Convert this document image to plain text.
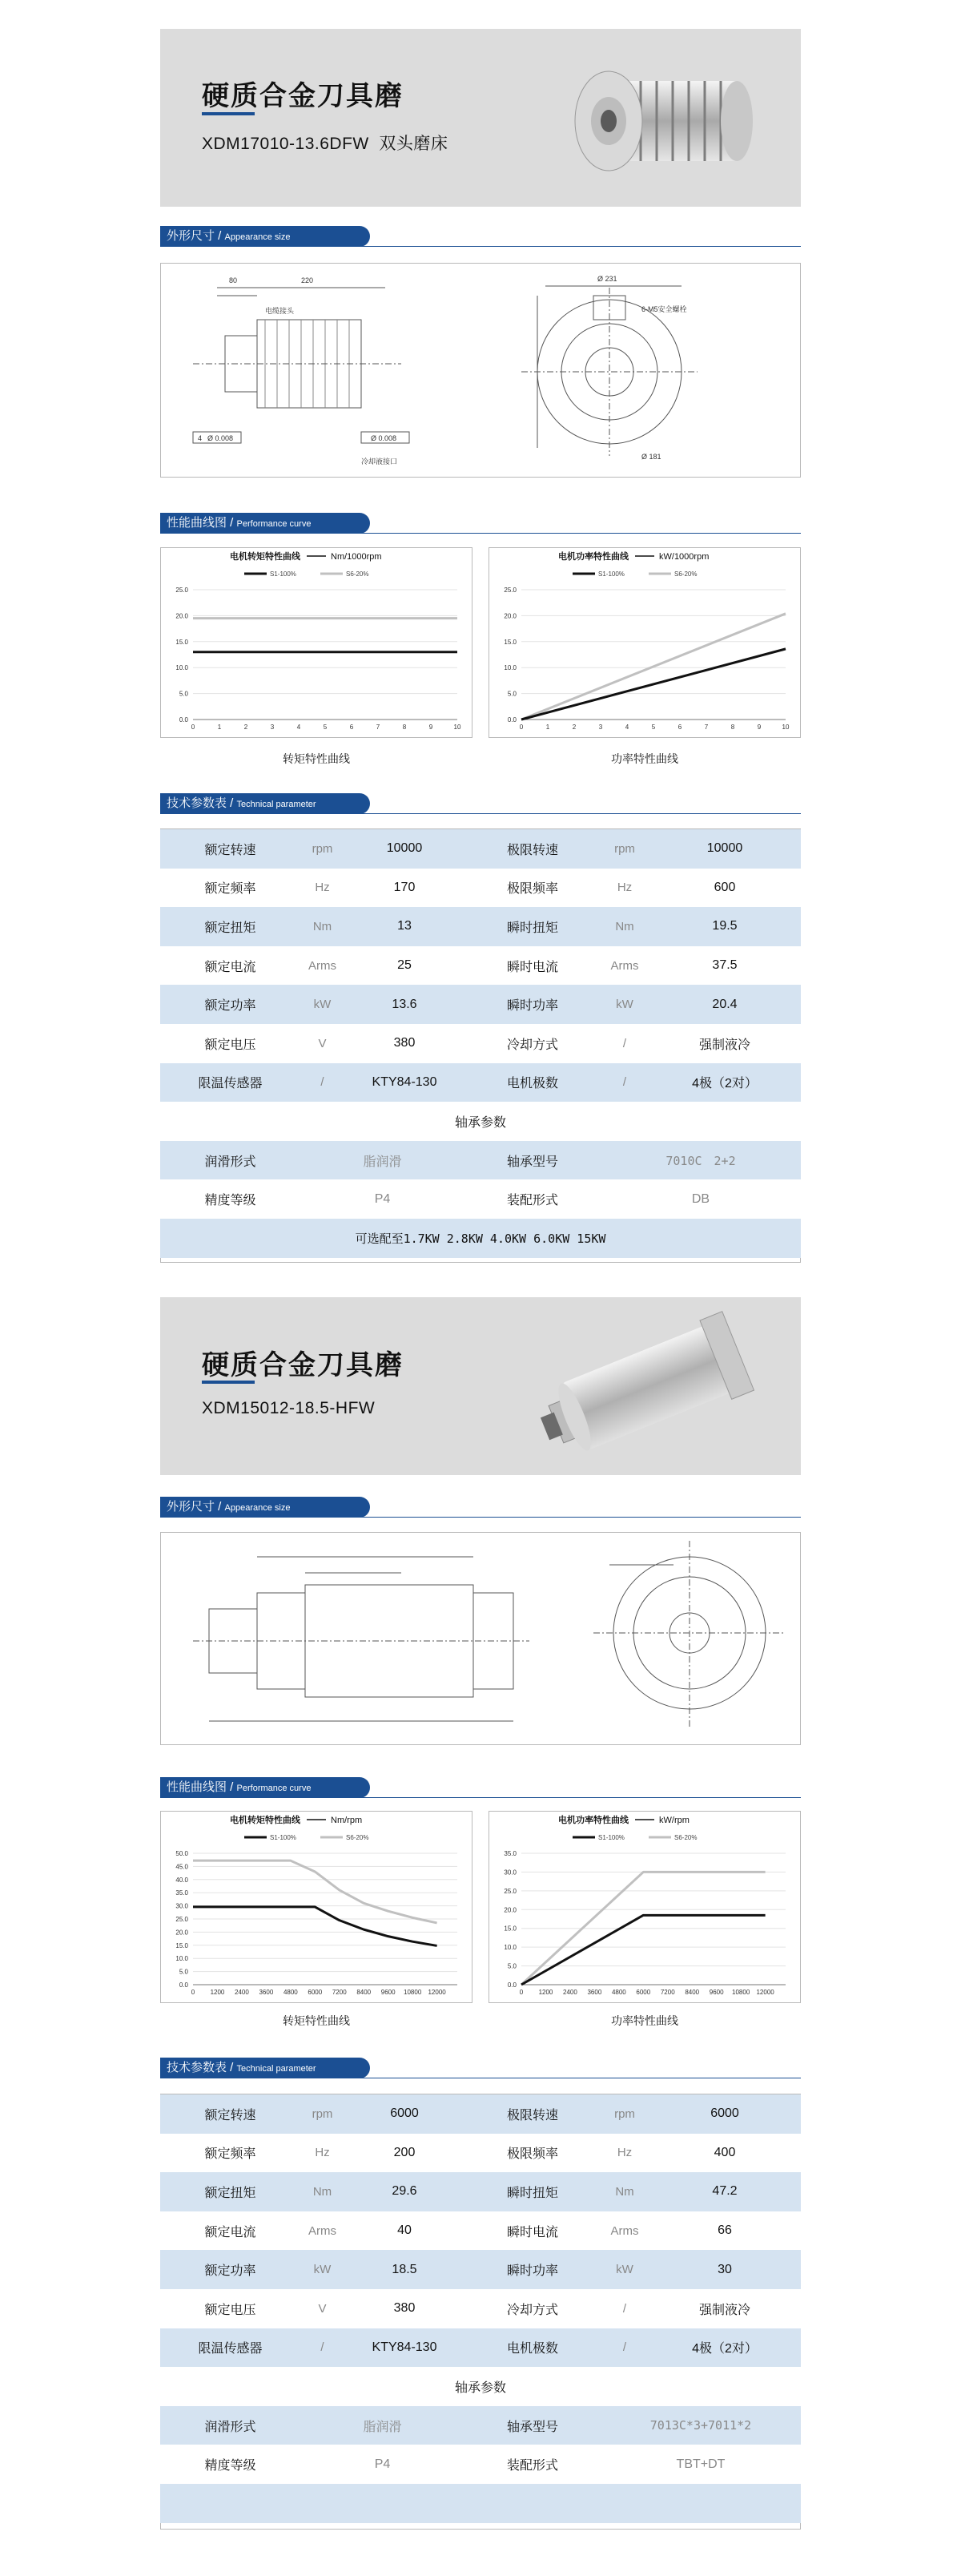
硬质合金刀具磨
XDM17010-13.6DFW 双头磨床
外形尺寸 / Appearance size
80	220
电缆接头
冷却液接口
6-M5安全螺栓
Ø 231
Ø 181
4 Ø 0.008	Ø 0.008
性能曲线图 / Performance curve
电机转矩特性曲线	Nm/1000rpm
S1-100%	S6-20%
0.0
5.0
10.0
15.0
20.0
25.0
0	1	2	3	4	5	6	7	8	9	10
电机功率特性曲线	kW/1000rpm
S1-100%	S6-20%
0.0
5.0
10.0
15.0
20.0
25.0
0	1	2	3	4	5	6	7	8	9	10
转矩特性曲线	功率特性曲线
技术参数表 / Technical parameter
额定转速	rpm	10000	极限转速	rpm	10000
额定频率	Hz	170	极限频率	Hz	600
额定扭矩	Nm	13	瞬时扭矩	Nm	19.5
额定电流	Arms	25	瞬时电流	Arms	37.5
额定功率	kW	13.6	瞬时功率	kW	20.4
额定电压	V	380	冷却方式	/	强制液冷
限温传感器	/	KTY84-130	电机极数	/	4极（2对）
轴承参数					
润滑形式	脂润滑		轴承型号	7010C　2+2	
精度等级	P4		装配形式	DB	
可选配至1.7KW 2.8KW 4.0KW 6.0KW 15KW					
硬质合金刀具磨
XDM15012-18.5-HFW
外形尺寸 / Appearance size
性能曲线图 / Performance curve
电机转矩特性曲线	Nm/rpm
S1-100%	S6-20%
0.0
5.0
10.0
15.0
20.0
25.0
30.0
35.0
40.0
45.0
50.0
0 1200 2400 3600 4800 6000 7200 8400 9600 10800 12000
电机功率特性曲线	kW/rpm
S1-100%	S6-20%
0.0
5.0
10.0
15.0
20.0
25.0
30.0
35.0
0 1200 2400 3600 4800 6000 7200 8400 9600 10800 12000
转矩特性曲线	功率特性曲线
技术参数表 / Technical parameter
额定转速	rpm	6000	极限转速	rpm	6000
额定频率	Hz	200	极限频率	Hz	400
额定扭矩	Nm	29.6	瞬时扭矩	Nm	47.2
额定电流	Arms	40	瞬时电流	Arms	66
额定功率	kW	18.5	瞬时功率	kW	30
额定电压	V	380	冷却方式	/	强制液冷
限温传感器	/	KTY84-130	电机极数	/	4极（2对）
轴承参数					
润滑形式	脂润滑		轴承型号	7013C*3+7011*2	
精度等级	P4		装配形式	TBT+DT	
